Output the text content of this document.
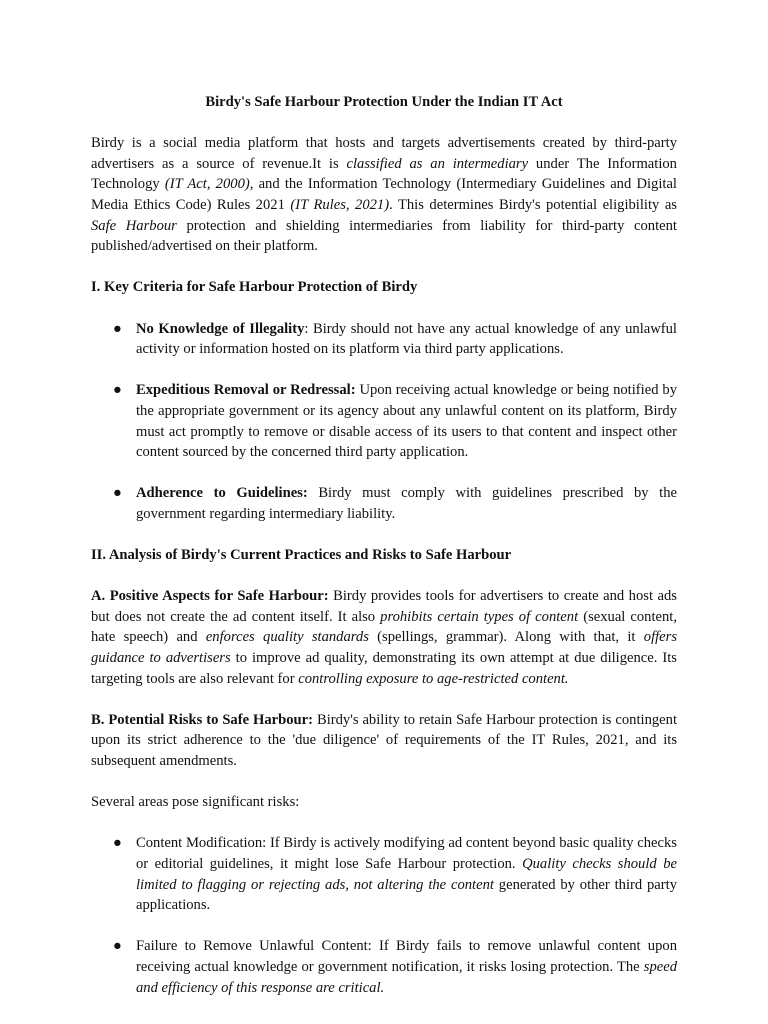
Birdy's Safe Harbour Protection Under the Indian IT Act

Birdy is a social media platform that hosts and targets advertisements created by third-party advertisers as a source of revenue.It is classified as an intermediary under The Information Technology (IT Act, 2000), and the Information Technology (Intermediary Guidelines and Digital Media Ethics Code) Rules 2021 (IT Rules, 2021). This determines Birdy's potential eligibility as Safe Harbour protection and shielding intermediaries from liability for third-party content published/advertised on their platform.

I. Key Criteria for Safe Harbour Protection of Birdy

● No Knowledge of Illegality: Birdy should not have any actual knowledge of any unlawful activity or information hosted on its platform via third party applications.
● Expeditious Removal or Redressal: Upon receiving actual knowledge or being notified by the appropriate government or its agency about any unlawful content on its platform, Birdy must act promptly to remove or disable access of its users to that content and inspect other content sourced by the concerned third party application.
● Adherence to Guidelines: Birdy must comply with guidelines prescribed by the government regarding intermediary liability.

II. Analysis of Birdy's Current Practices and Risks to Safe Harbour

A. Positive Aspects for Safe Harbour: Birdy provides tools for advertisers to create and host ads but does not create the ad content itself. It also prohibits certain types of content (sexual content, hate speech) and enforces quality standards (spellings, grammar). Along with that, it offers guidance to advertisers to improve ad quality, demonstrating its own attempt at due diligence. Its targeting tools are also relevant for controlling exposure to age-restricted content.

B. Potential Risks to Safe Harbour: Birdy's ability to retain Safe Harbour protection is contingent upon its strict adherence to the 'due diligence' of requirements of the IT Rules, 2021, and its subsequent amendments.

Several areas pose significant risks:

● Content Modification: If Birdy is actively modifying ad content beyond basic quality checks or editorial guidelines, it might lose Safe Harbour protection. Quality checks should be limited to flagging or rejecting ads, not altering the content generated by other third party applications.
● Failure to Remove Unlawful Content: If Birdy fails to remove unlawful content upon receiving actual knowledge or government notification, it risks losing protection. The speed and efficiency of this response are critical.
